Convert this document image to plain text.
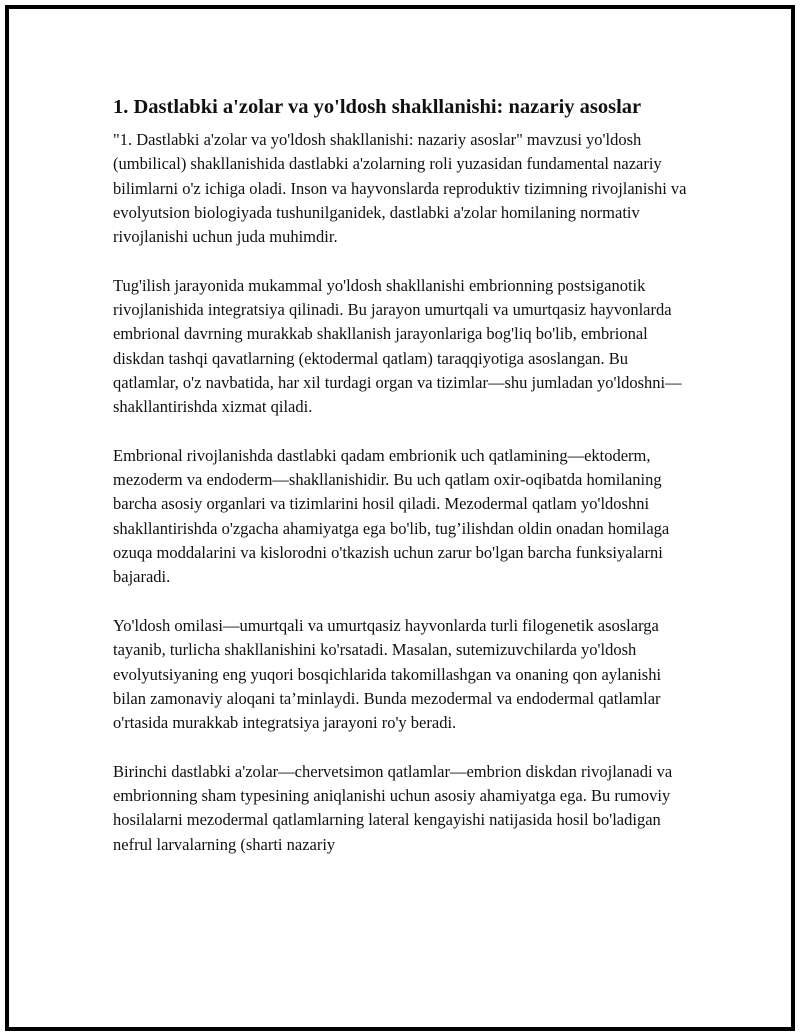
1. Dastlabki a'zolar va yo'ldosh shakllanishi: nazariy asoslar

"1. Dastlabki a'zolar va yo'ldosh shakllanishi: nazariy asoslar" mavzusi yo'ldosh (umbilical) shakllanishida dastlabki a'zolarning roli yuzasidan fundamental nazariy bilimlarni o'z ichiga oladi. Inson va hayvonslarda reproduktiv tizimning rivojlanishi va evolyutsion biologiyada tushunilganidek, dastlabki a'zolar homilaning normativ rivojlanishi uchun juda muhimdir.

Tug'ilish jarayonida mukammal yo'ldosh shakllanishi embrionning postsiganotik rivojlanishida integratsiya qilinadi. Bu jarayon umurtqali va umurtqasiz hayvonlarda embrional davrning murakkab shakllanish jarayonlariga bog'liq bo'lib, embrional diskdan tashqi qavatlarning (ektodermal qatlam) taraqqiyotiga asoslangan. Bu qatlamlar, o'z navbatida, har xil turdagi organ va tizimlar—shu jumladan yo'ldoshni—shakllantirishda xizmat qiladi.

Embrional rivojlanishda dastlabki qadam embrionik uch qatlamining—ektoderm, mezoderm va endoderm—shakllanishidir. Bu uch qatlam oxir-oqibatda homilaning barcha asosiy organlari va tizimlarini hosil qiladi. Mezodermal qatlam yo'ldoshni shakllantirishda o'zgacha ahamiyatga ega bo'lib, tug’ilishdan oldin onadan homilaga ozuqa moddalarini va kislorodni o'tkazish uchun zarur bo'lgan barcha funksiyalarni bajaradi.

Yo'ldosh omilasi—umurtqali va umurtqasiz hayvonlarda turli filogenetik asoslarga tayanib, turlicha shakllanishini ko'rsatadi. Masalan, sutemizuvchilarda yo'ldosh evolyutsiyaning eng yuqori bosqichlarida takomillashgan va onaning qon aylanishi bilan zamonaviy aloqani ta’minlaydi. Bunda mezodermal va endodermal qatlamlar o'rtasida murakkab integratsiya jarayoni ro'y beradi.

Birinchi dastlabki a'zolar—chervetsimon qatlamlar—embrion diskdan rivojlanadi va embrionning sham typesining aniqlanishi uchun asosiy ahamiyatga ega. Bu rumoviy hosilalarni mezodermal qatlamlarning lateral kengayishi natijasida hosil bo'ladigan nefrul larvalarning (sharti nazariy
